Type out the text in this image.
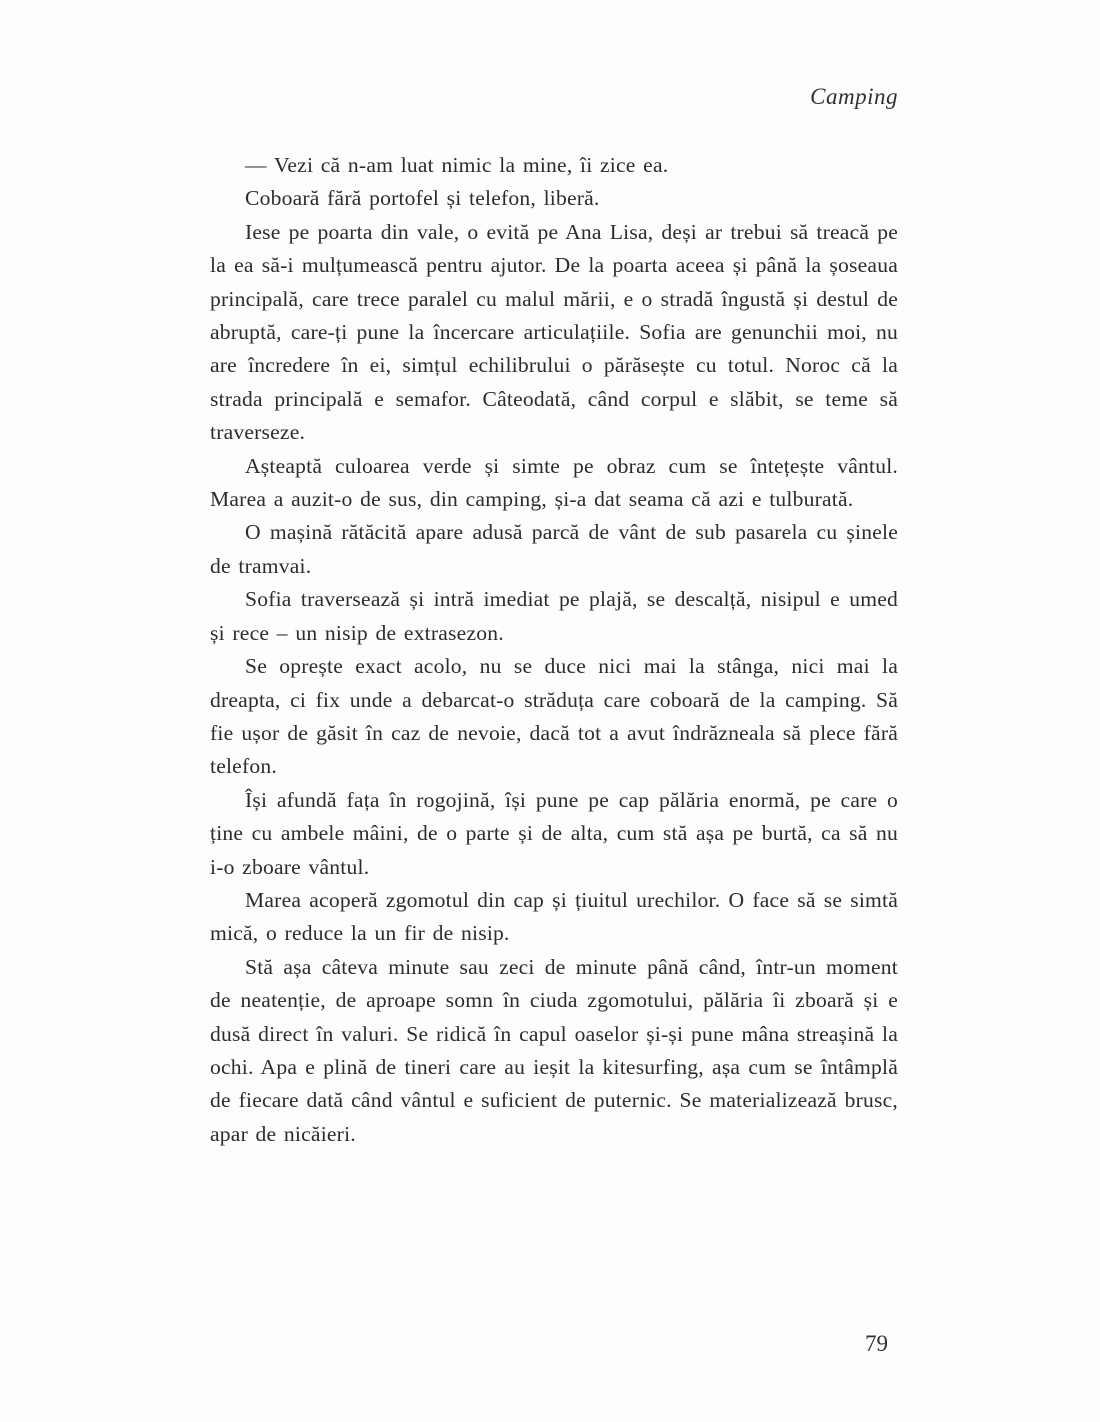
Camping

— Vezi că n-am luat nimic la mine, îi zice ea.

Coboară fără portofel și telefon, liberă.

Iese pe poarta din vale, o evită pe Ana Lisa, deși ar trebui să treacă pe la ea să-i mulțumească pentru ajutor. De la poarta aceea și până la șoseaua principală, care trece paralel cu malul mării, e o stradă îngustă și destul de abruptă, care-ți pune la încercare articulațiile. Sofia are genunchii moi, nu are încredere în ei, simțul echilibrului o părăsește cu totul. Noroc că la strada principală e semafor. Câteodată, când corpul e slăbit, se teme să traverseze.

Așteaptă culoarea verde și simte pe obraz cum se întețește vântul. Marea a auzit-o de sus, din camping, și-a dat seama că azi e tulburată.

O mașină rătăcită apare adusă parcă de vânt de sub pasarela cu șinele de tramvai.

Sofia traversează și intră imediat pe plajă, se descalță, nisipul e umed și rece – un nisip de extrasezon.

Se oprește exact acolo, nu se duce nici mai la stânga, nici mai la dreapta, ci fix unde a debarcat-o străduța care coboară de la camping. Să fie ușor de găsit în caz de nevoie, dacă tot a avut îndrăzneala să plece fără telefon.

Își afundă fața în rogojină, își pune pe cap pălăria enormă, pe care o ține cu ambele mâini, de o parte și de alta, cum stă așa pe burtă, ca să nu i-o zboare vântul.

Marea acoperă zgomotul din cap și țiuitul urechilor. O face să se simtă mică, o reduce la un fir de nisip.

Stă așa câteva minute sau zeci de minute până când, într-un moment de neatenție, de aproape somn în ciuda zgomotului, pălăria îi zboară și e dusă direct în valuri. Se ridică în capul oaselor și-și pune mâna streașină la ochi. Apa e plină de tineri care au ieșit la kitesurfing, așa cum se întâmplă de fiecare dată când vântul e suficient de puternic. Se materializează brusc, apar de nicăieri.

79
